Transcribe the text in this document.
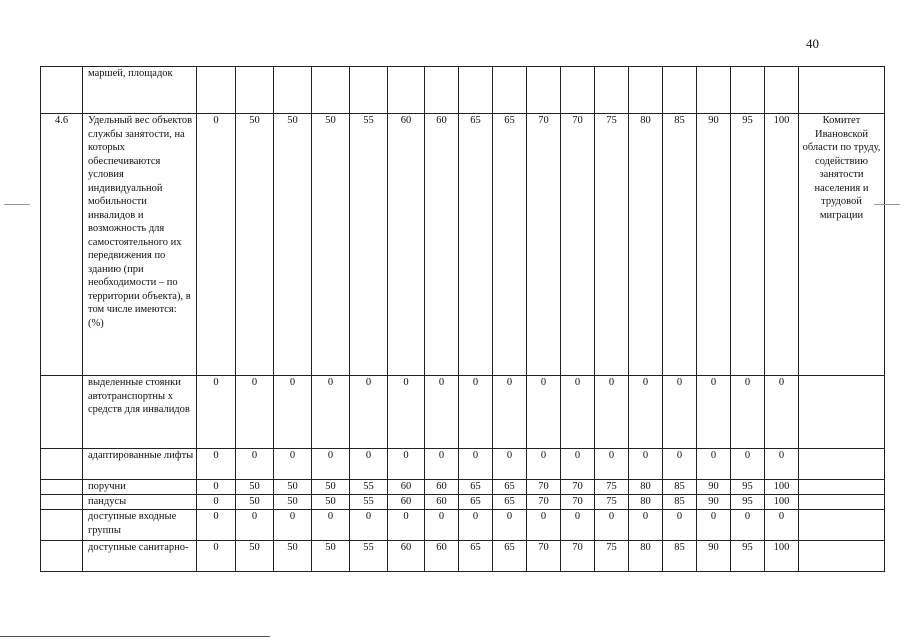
40
	маршей, площадок																		
4.6	Удельный вес объектов службы занятости, на которых обеспечиваются условия индивидуальной мобильности инвалидов и возможность для самостоятельного их передвижения по зданию (при необходимости – по территории объекта), в том числе имеются: (%)	0	50	50	50	55	60	60	65	65	70	70	75	80	85	90	95	100	Комитет Ивановской области по труду, содействию занятости населения и трудовой миграции
	выделенные стоянки автотранспортны х средств для инвалидов	0	0	0	0	0	0	0	0	0	0	0	0	0	0	0	0	0	
	адаптированные лифты	0	0	0	0	0	0	0	0	0	0	0	0	0	0	0	0	0	
	поручни	0	50	50	50	55	60	60	65	65	70	70	75	80	85	90	95	100	
	пандусы	0	50	50	50	55	60	60	65	65	70	70	75	80	85	90	95	100	
	доступные входные группы	0	0	0	0	0	0	0	0	0	0	0	0	0	0	0	0	0	
	доступные санитарно-	0	50	50	50	55	60	60	65	65	70	70	75	80	85	90	95	100	
